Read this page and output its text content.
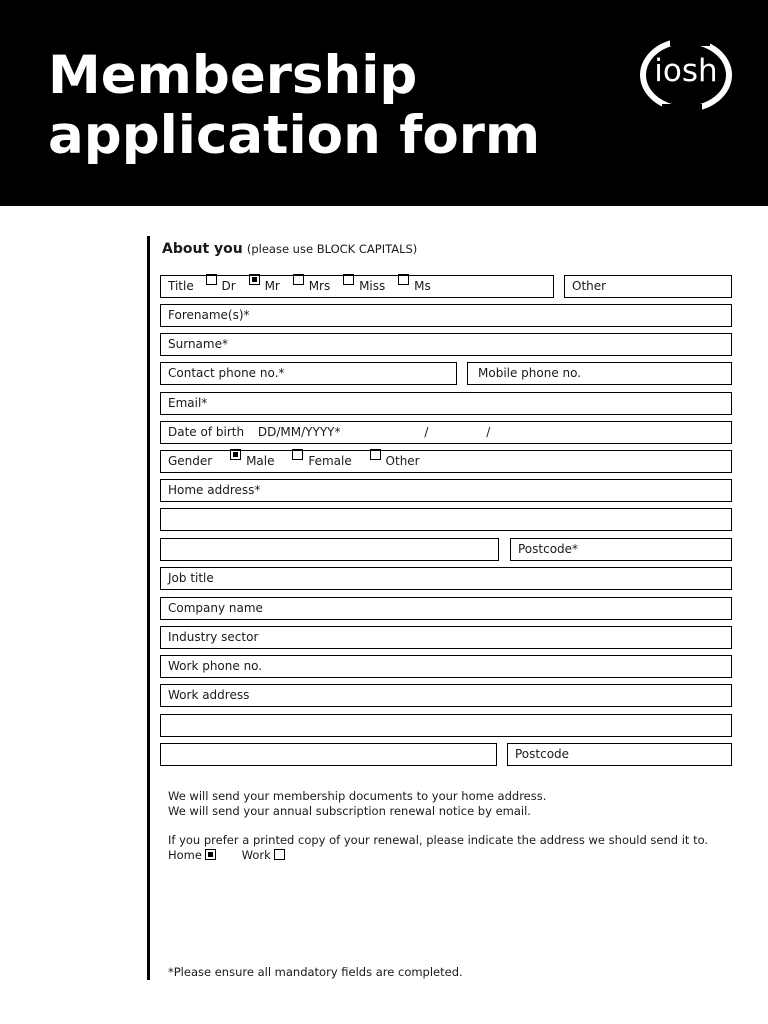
Membership
application form
iosh
About you (please use BLOCK CAPITALS)
Title Dr Mr Mrs Miss Ms	Other
Forename(s)*
Surname*
Contact phone no.*	Mobile phone no.
Email*
Date of birth DD/MM/YYYY*	/	/
Gender	Male	Female	Other
Home address*
Postcode*
Job title
Company name
Industry sector
Work phone no.
Work address
Postcode
We will send your membership documents to your home address.
We will send your annual subscription renewal notice by email.
If you prefer a printed copy of your renewal, please indicate the address we should send it to.
Home	Work
*Please ensure all mandatory fields are completed.
